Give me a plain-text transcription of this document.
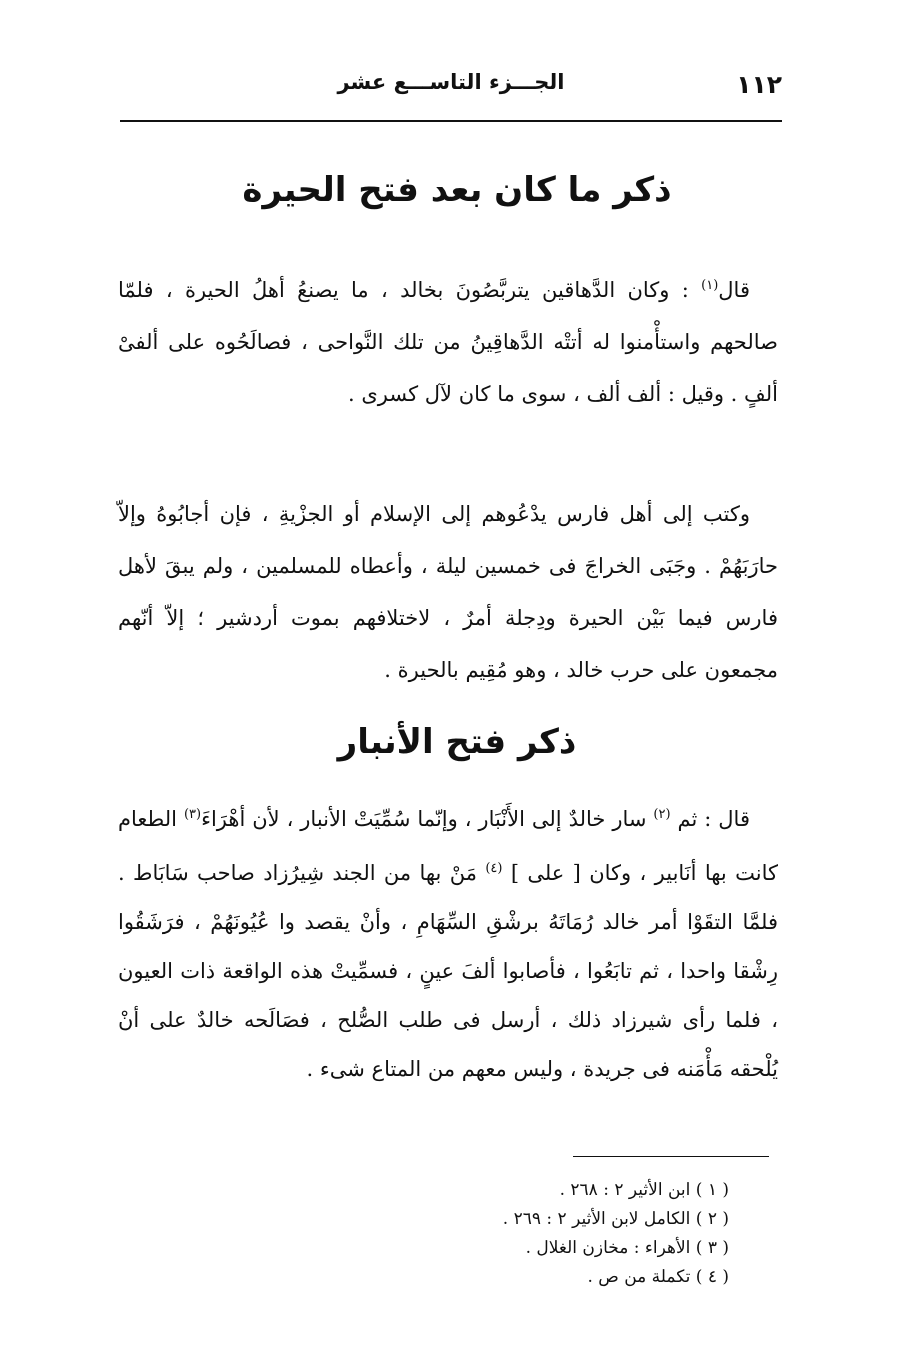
١١٢
الجـــزء التاســـع عشر
ذكر ما كان بعد فتح الحيرة

قال$^{(١)}$ : وكان الدَّهاقين يتربَّصُونَ بخالد ، ما يصنعُ أهلُ الحيرة ، فلمّا صالحهم واستأْمنوا له أتتْه الدَّهاقِينُ من تلك النَّواحى ، فصالَحُوه على ألفىْ ألفٍ . وقيل : ألف ألف ، سوى ما كان لآل كسرى .

وكتب إلى أهل فارس يدْعُوهم إلى الإسلام أو الجزْيةِ ، فإن أجابُوهُ وإلاّ حارَبَهُمْ . وجَبَى الخراجَ فى خمسين ليلة ، وأعطاه للمسلمين ، ولم يبقَ لأهل فارس فيما بَيْن الحيرة ودِجلة أمرٌ ، لاختلافهم بموت أردشير ؛ إلاّ أنّهم مجمعون على حرب خالد ، وهو مُقِيم بالحيرة .

ذكر فتح الأنبار

قال : ثم $^{(٢)}$ سار خالدٌ إلى الأَنْبَار ، وإنّما سُمِّيَتْ الأنبار ، لأن أهْرَاءَ$^{(٣)}$ الطعام كانت بها أنَابير ، وكان [ على ] $^{(٤)}$ مَنْ بها من الجند شِيرُزاد صاحب سَابَاط . فلمَّا التقَوْا أمر خالد رُمَاتَهُ برشْقِ السِّهَامِ ، وأنْ يقصد وا عُيُونَهُمْ ، فرَشَقُوا رِشْقا واحدا ، ثم تابَعُوا ، فأصابوا ألفَ عينٍ ، فسمِّيتْ هذه الواقعة ذات العيون ، فلما رأى شيرزاد ذلك ، أرسل فى طلب الصُّلح ، فصَالَحه خالدٌ على أنْ يُلْحقه مَأْمَنه فى جريدة ، وليس معهم من المتاع شىء .

( ١ ) ابن الأثير ٢ : ٢٦٨ .
( ٢ ) الكامل لابن الأثير ٢ : ٢٦٩ .
( ٣ ) الأهراء : مخازن الغلال .
( ٤ ) تكملة من ص .
